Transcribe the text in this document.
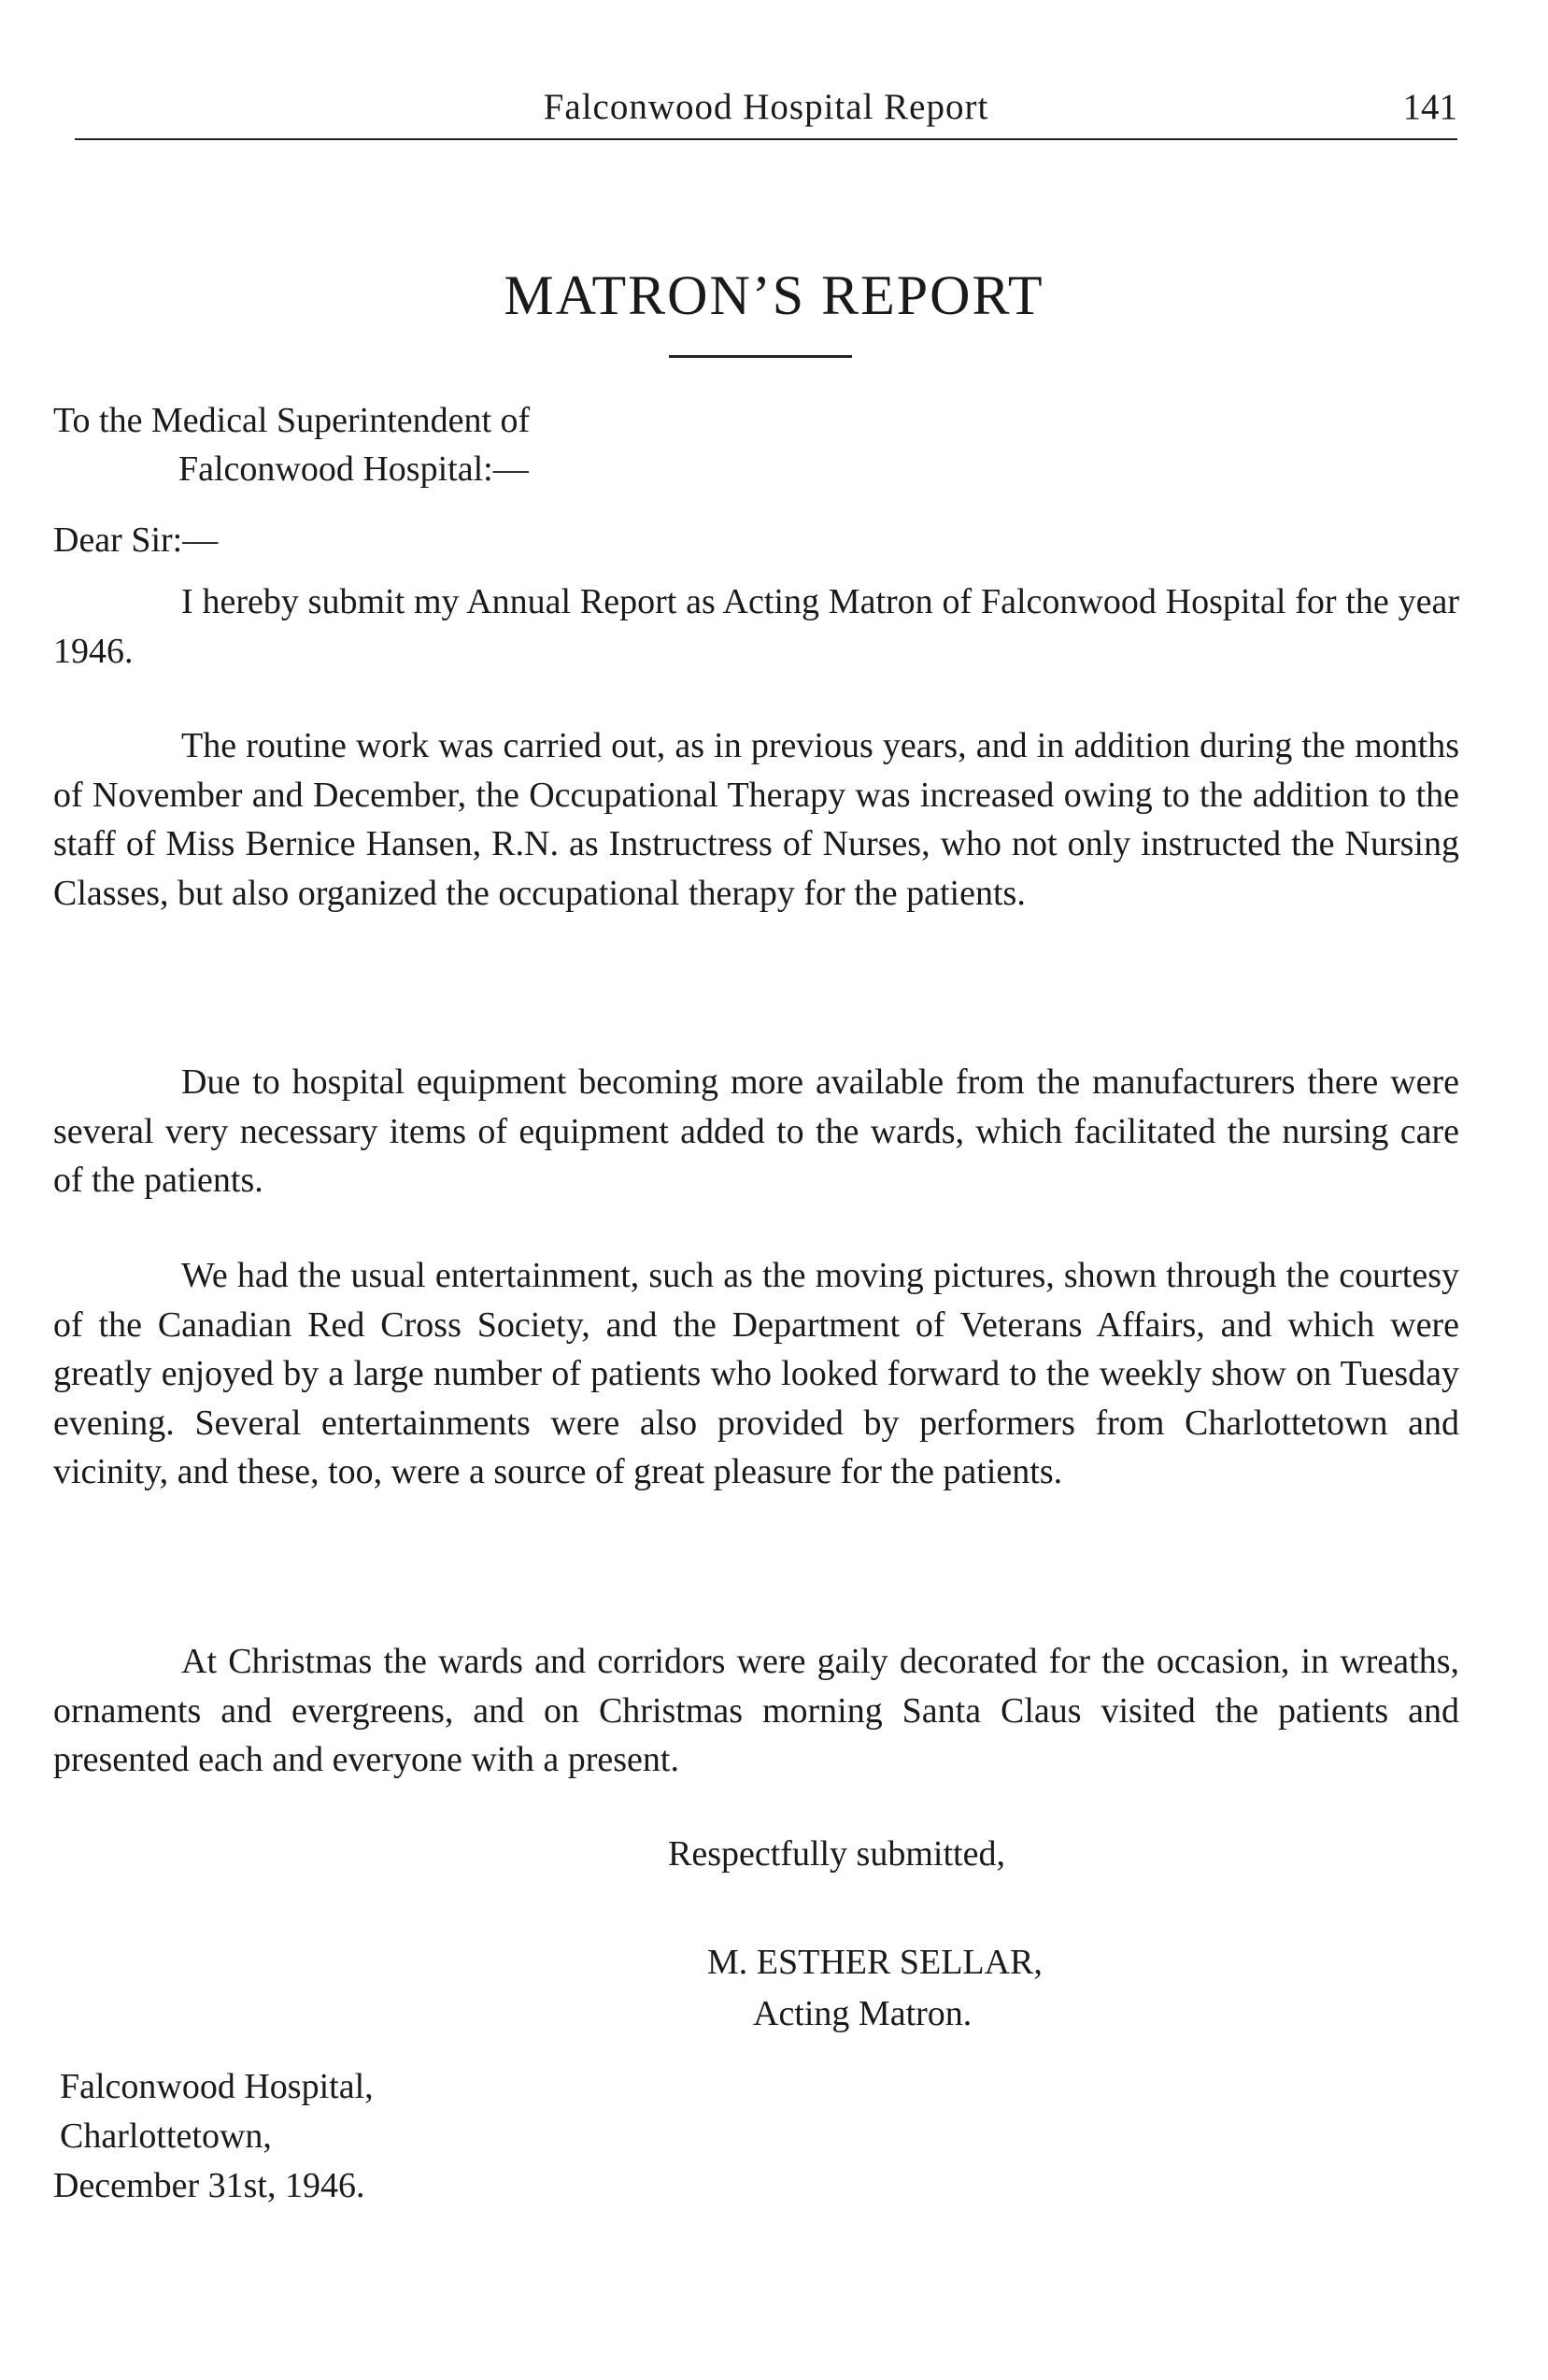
Falconwood Hospital Report	141
MATRON’S REPORT
To the Medical Superintendent of
Falconwood Hospital:—
Dear Sir:—
I hereby submit my Annual Report as Acting Matron of Falconwood Hospital for the year 1946.
The routine work was carried out, as in previous years, and in addition during the months of November and December, the Occupational Therapy was increased owing to the addition to the staff of Miss Bernice Hansen, R.N. as Instructress of Nurses, who not only instructed the Nursing Classes, but also organized the occupational therapy for the patients.
Due to hospital equipment becoming more available from the manufacturers there were several very necessary items of equipment added to the wards, which facilitated the nursing care of the patients.
We had the usual entertainment, such as the moving pictures, shown through the courtesy of the Canadian Red Cross Society, and the Department of Veterans Affairs, and which were greatly enjoyed by a large number of patients who looked forward to the weekly show on Tuesday evening. Several entertainments were also provided by performers from Charlottetown and vicinity, and these, too, were a source of great pleasure for the patients.
At Christmas the wards and corridors were gaily decorated for the occasion, in wreaths, ornaments and evergreens, and on Christmas morning Santa Claus visited the patients and presented each and everyone with a present.
Respectfully submitted,
M. ESTHER SELLAR,
Acting Matron.
Falconwood Hospital,
Charlottetown,
December 31st, 1946.
